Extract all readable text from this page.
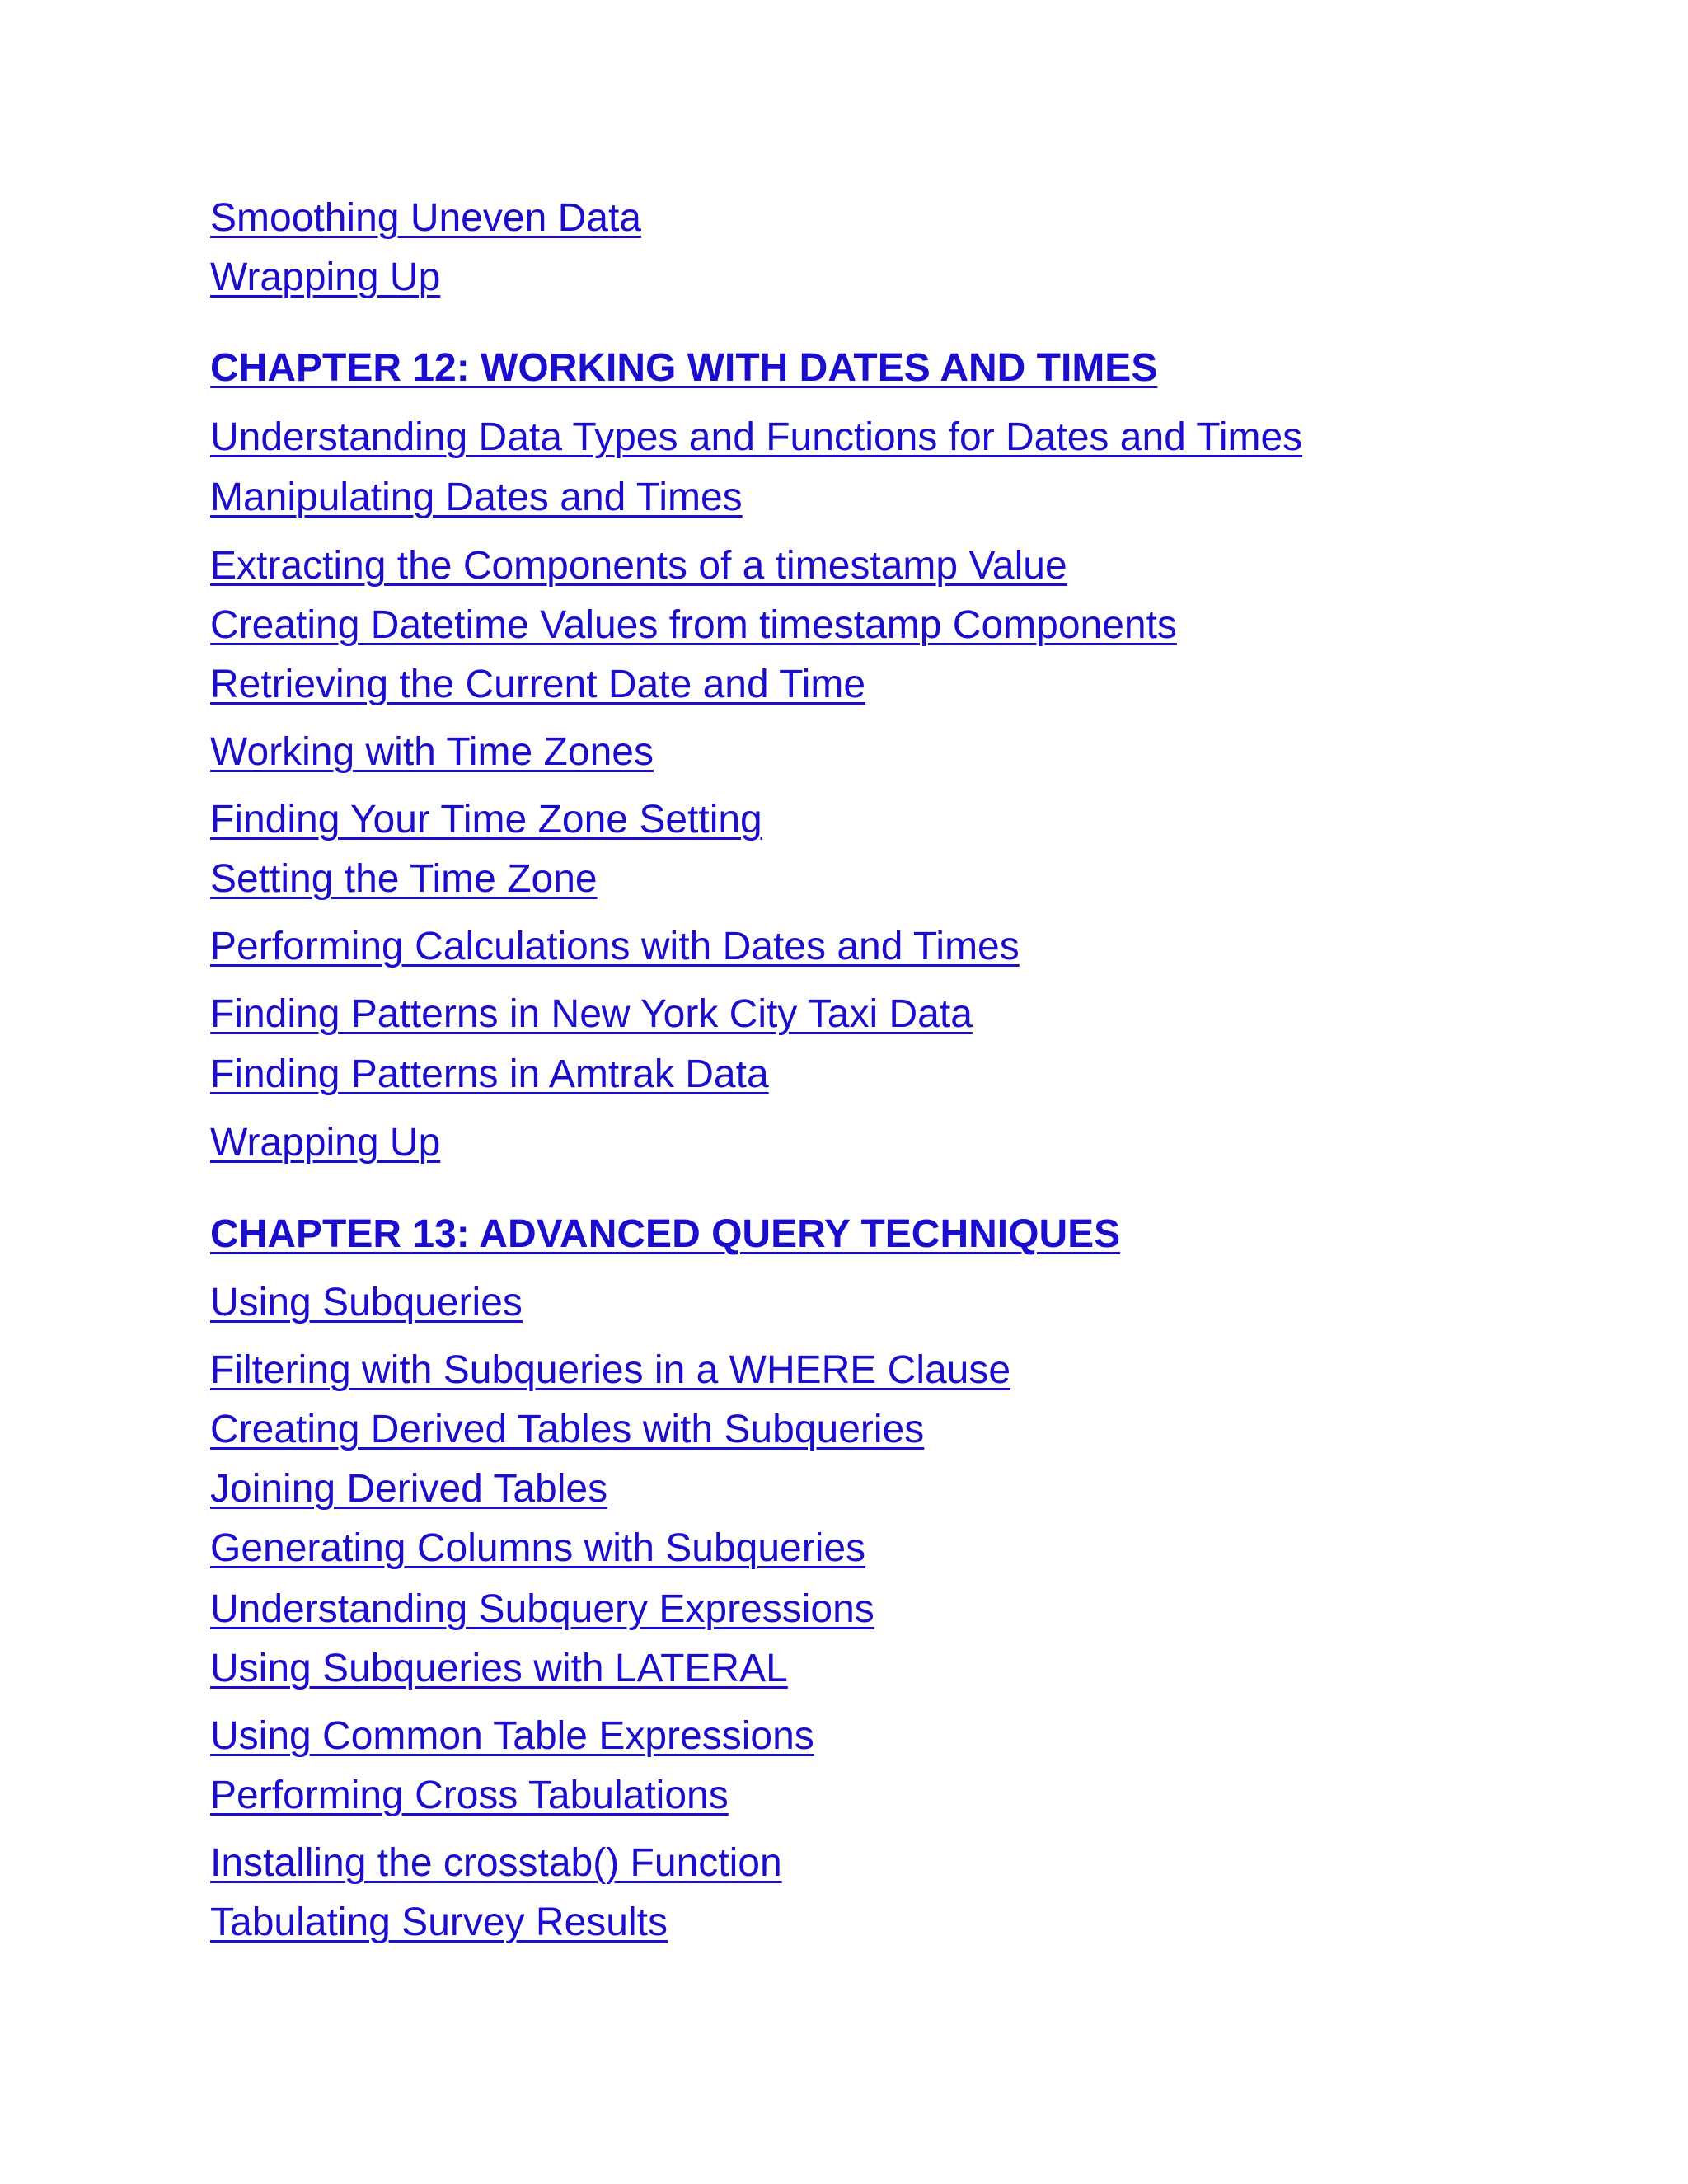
Smoothing Uneven Data
Wrapping Up
CHAPTER 12: WORKING WITH DATES AND TIMES
Understanding Data Types and Functions for Dates and Times
Manipulating Dates and Times
Extracting the Components of a timestamp Value
Creating Datetime Values from timestamp Components
Retrieving the Current Date and Time
Working with Time Zones
Finding Your Time Zone Setting
Setting the Time Zone
Performing Calculations with Dates and Times
Finding Patterns in New York City Taxi Data
Finding Patterns in Amtrak Data
Wrapping Up
CHAPTER 13: ADVANCED QUERY TECHNIQUES
Using Subqueries
Filtering with Subqueries in a WHERE Clause
Creating Derived Tables with Subqueries
Joining Derived Tables
Generating Columns with Subqueries
Understanding Subquery Expressions
Using Subqueries with LATERAL
Using Common Table Expressions
Performing Cross Tabulations
Installing the crosstab() Function
Tabulating Survey Results
